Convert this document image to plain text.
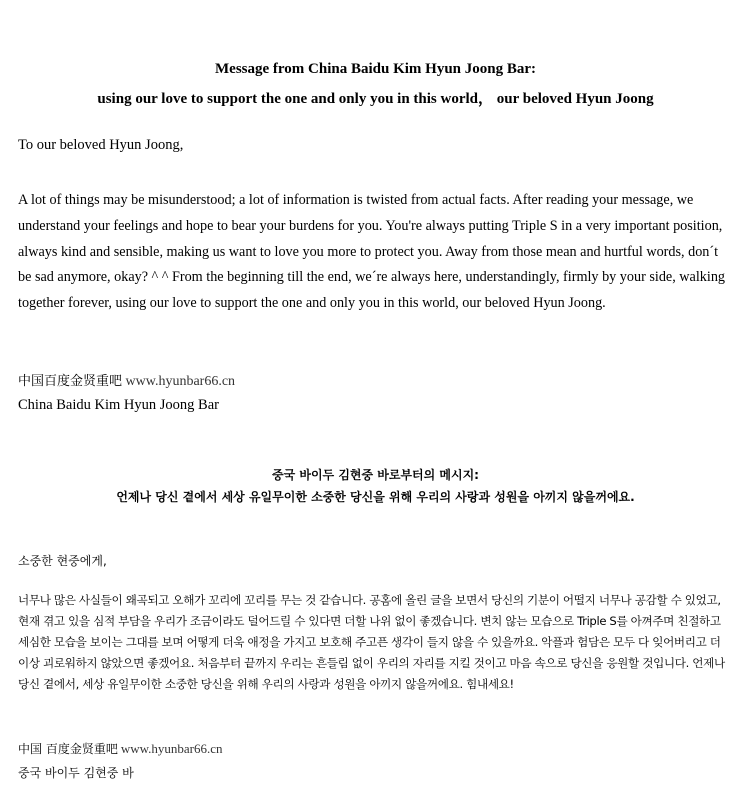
Message from China Baidu Kim Hyun Joong Bar:
using our love to support the one and only you in this world， our beloved Hyun Joong
To our beloved Hyun Joong,
A lot of things may be misunderstood; a lot of information is twisted from actual facts. After reading your message, we understand your feelings and hope to bear your burdens for you. You're always putting Triple S in a very important position, always kind and sensible, making us want to love you more to protect you. Away from those mean and hurtful words, don´t be sad anymore, okay? ^ ^ From the beginning till the end, we´re always here, understandingly, firmly by your side, walking together forever, using our love to support the one and only you in this world, our beloved Hyun Joong.
中国百度金贤重吧 www.hyunbar66.cn
China Baidu Kim Hyun Joong Bar
중국 바이두 김현중 바로부터의 메시지:
언제나 당신 곁에서 세상 유일무이한 소중한 당신을 위해 우리의 사랑과 성원을 아끼지 않을꺼에요.
소중한 현중에게,
너무나 많은 사실들이 왜곡되고 오해가 꼬리에 꼬리를 무는 것 같습니다. 공홈에 올린 글을 보면서 당신의 기분이 어떨지 너무나 공감할 수 있었고, 현재 겪고 있을 심적 부담을 우리가 조금이라도 덜어드릴 수 있다면 더할 나위 없이 좋겠습니다. 변치 않는 모습으로 Triple S를 아껴주며 친절하고 세심한 모습을 보이는 그대를 보며 어떻게 더욱 애정을 가지고 보호해 주고픈 생각이 들지 않을 수 있을까요. 악플과 험담은 모두 다 잊어버리고 더 이상 괴로워하지 않았으면 좋겠어요. 처음부터 끝까지 우리는 흔들림 없이 우리의 자리를 지킬 것이고 마음 속으로 당신을 응원할 것입니다. 언제나 당신 곁에서, 세상 유일무이한 소중한 당신을 위해 우리의 사랑과 성원을 아끼지 않을꺼에요. 힘내세요!
中国 百度金贤重吧 www.hyunbar66.cn
중국 바이두 김현중 바
